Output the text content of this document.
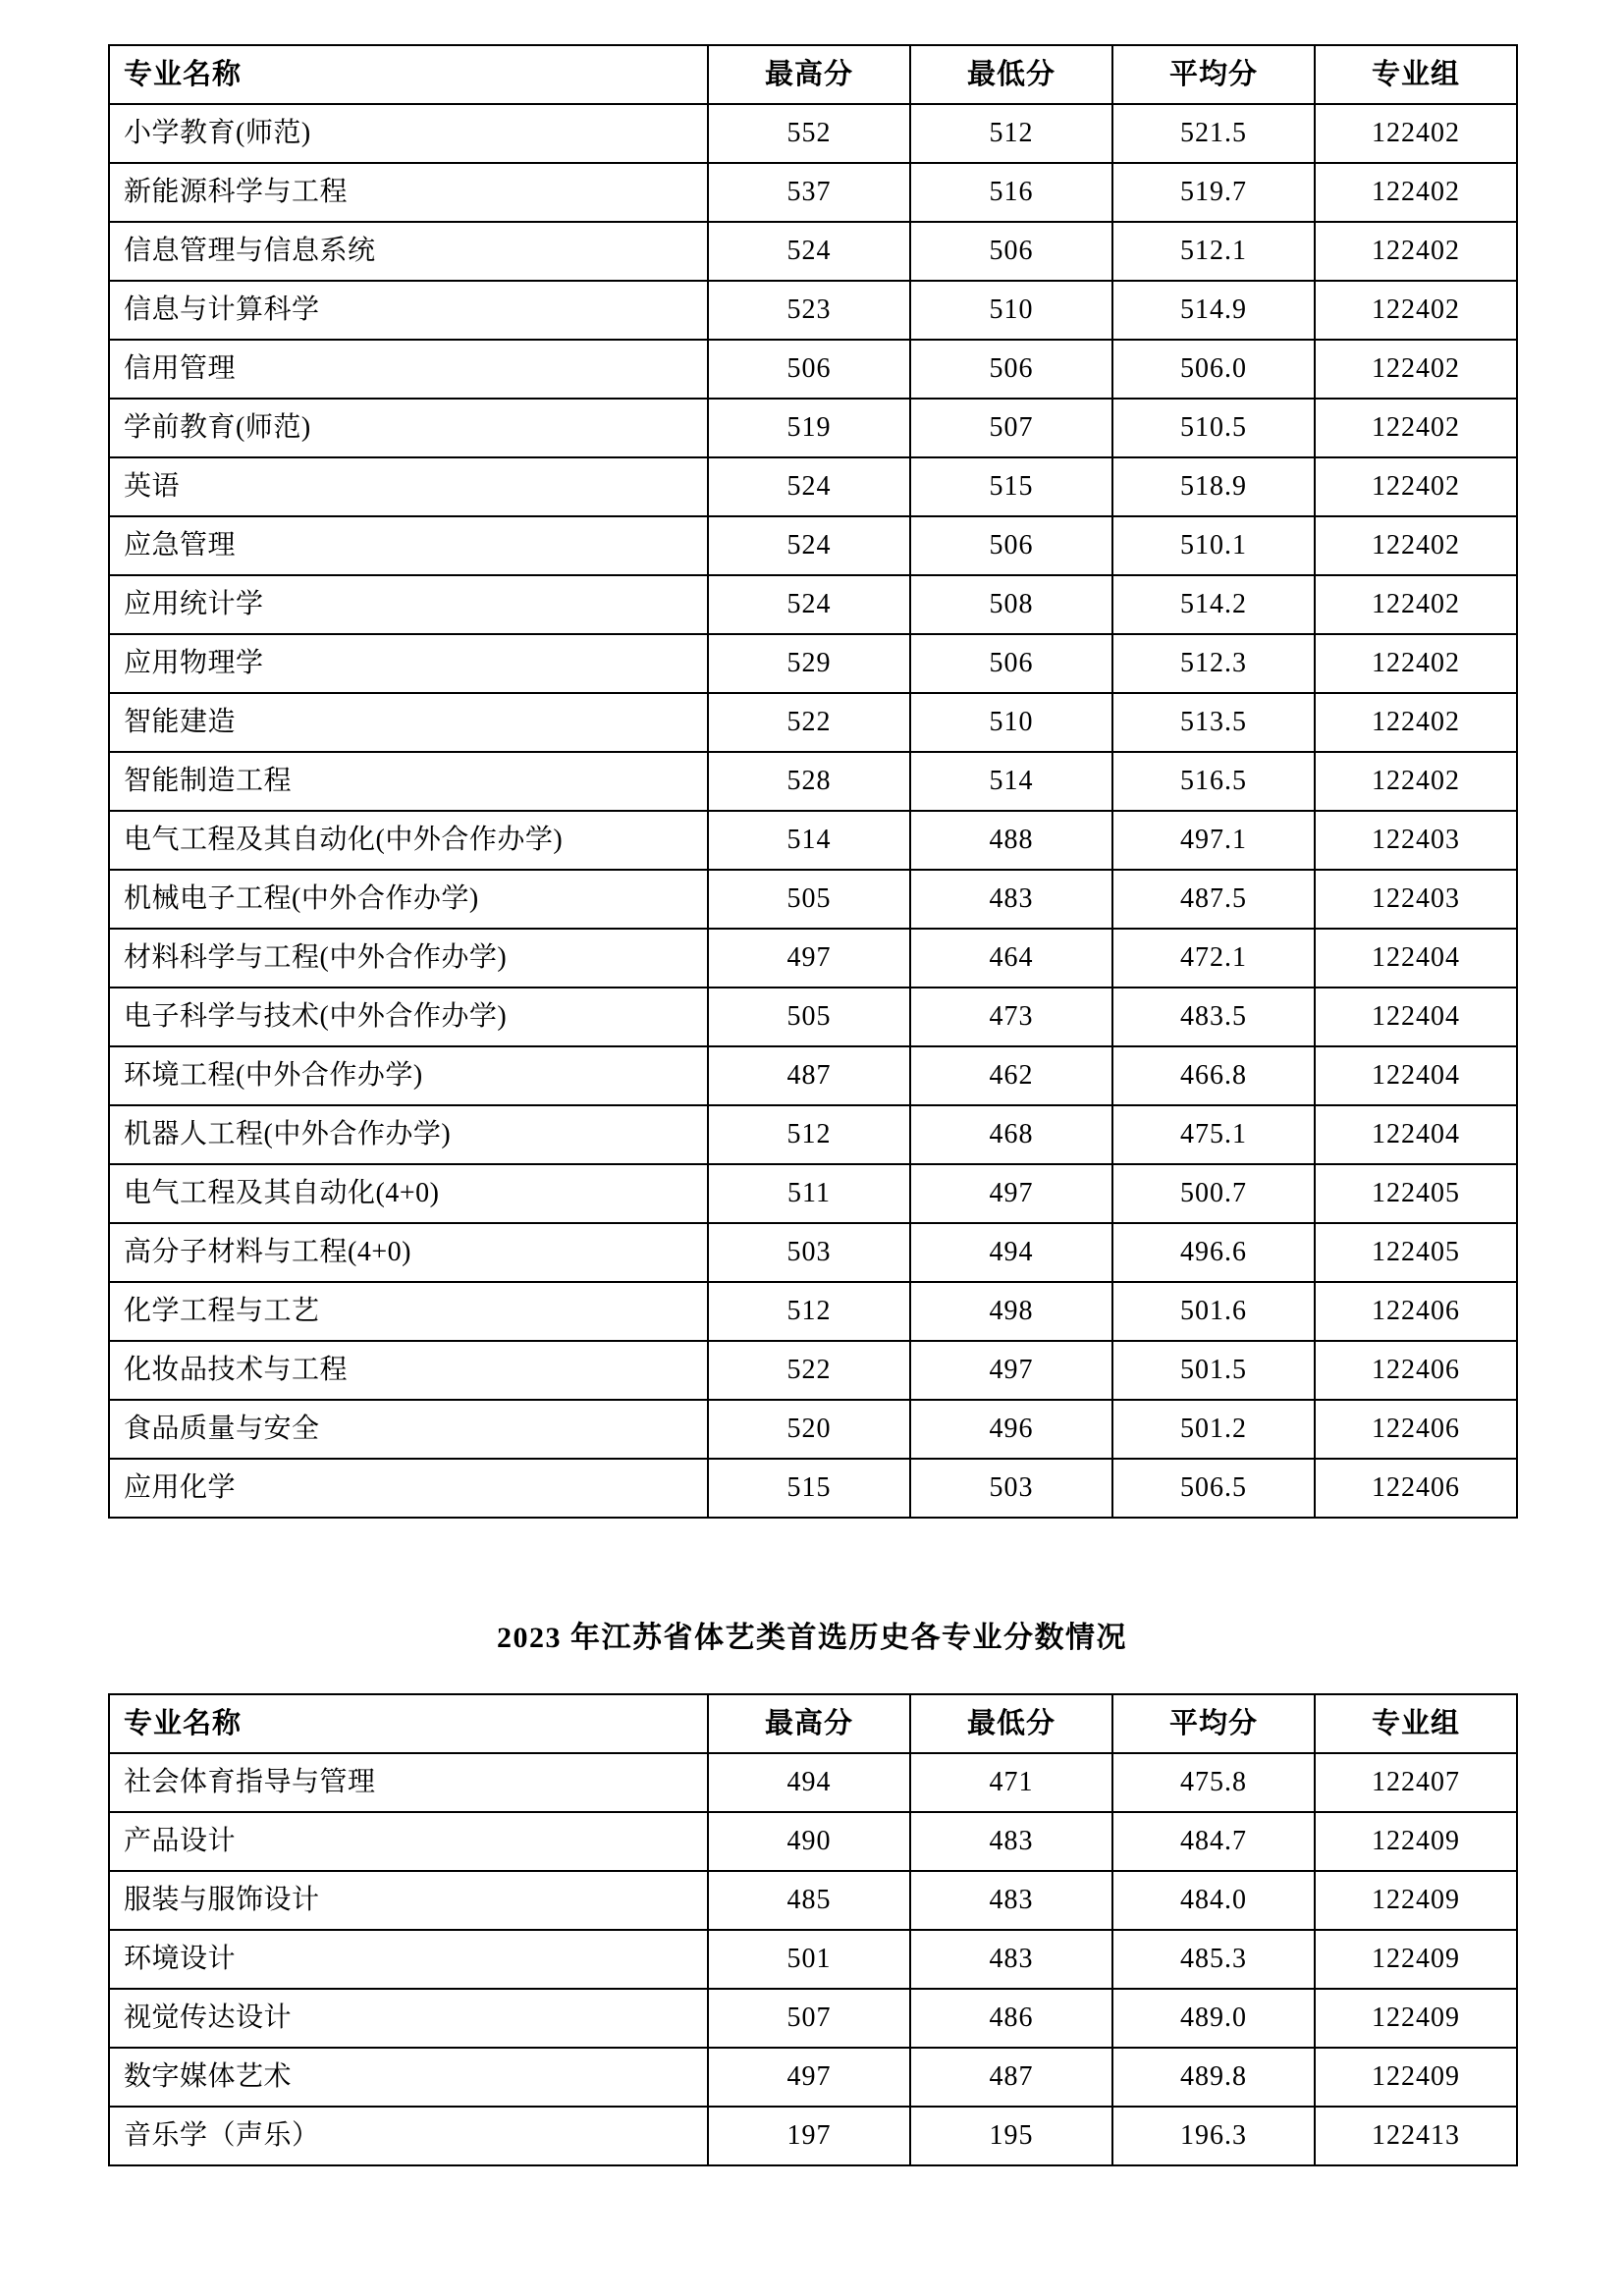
专业名称	最高分	最低分	平均分	专业组
小学教育(师范)	552	512	521.5	122402
新能源科学与工程	537	516	519.7	122402
信息管理与信息系统	524	506	512.1	122402
信息与计算科学	523	510	514.9	122402
信用管理	506	506	506.0	122402
学前教育(师范)	519	507	510.5	122402
英语	524	515	518.9	122402
应急管理	524	506	510.1	122402
应用统计学	524	508	514.2	122402
应用物理学	529	506	512.3	122402
智能建造	522	510	513.5	122402
智能制造工程	528	514	516.5	122402
电气工程及其自动化(中外合作办学)	514	488	497.1	122403
机械电子工程(中外合作办学)	505	483	487.5	122403
材料科学与工程(中外合作办学)	497	464	472.1	122404
电子科学与技术(中外合作办学)	505	473	483.5	122404
环境工程(中外合作办学)	487	462	466.8	122404
机器人工程(中外合作办学)	512	468	475.1	122404
电气工程及其自动化(4+0)	511	497	500.7	122405
高分子材料与工程(4+0)	503	494	496.6	122405
化学工程与工艺	512	498	501.6	122406
化妆品技术与工程	522	497	501.5	122406
食品质量与安全	520	496	501.2	122406
应用化学	515	503	506.5	122406
2023 年江苏省体艺类首选历史各专业分数情况
专业名称	最高分	最低分	平均分	专业组
社会体育指导与管理	494	471	475.8	122407
产品设计	490	483	484.7	122409
服装与服饰设计	485	483	484.0	122409
环境设计	501	483	485.3	122409
视觉传达设计	507	486	489.0	122409
数字媒体艺术	497	487	489.8	122409
音乐学（声乐）	197	195	196.3	122413
